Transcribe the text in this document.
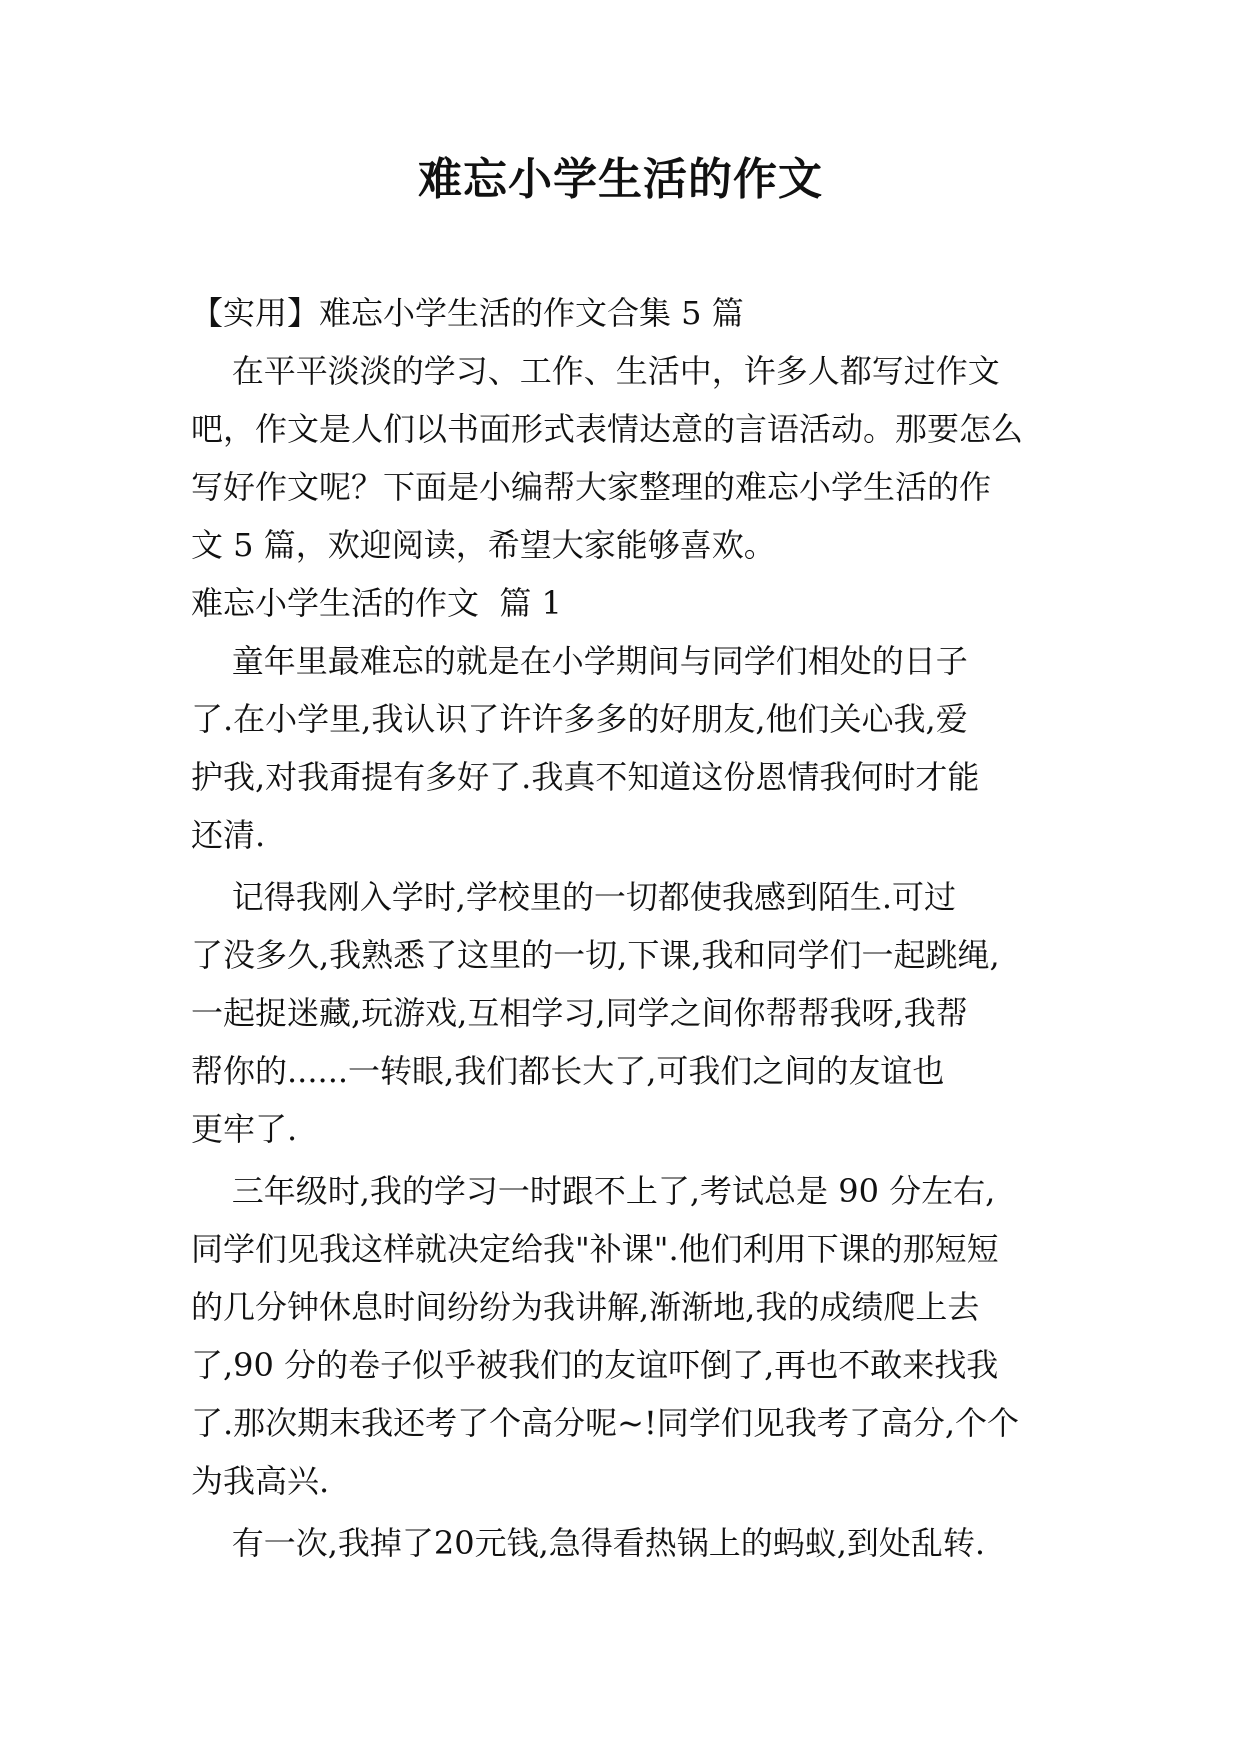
难忘小学生活的作文
【实用】难忘小学生活的作文合集 5 篇
在平平淡淡的学习、工作、生活中，许多人都写过作文
吧，作文是人们以书面形式表情达意的言语活动。那要怎么
写好作文呢？下面是小编帮大家整理的难忘小学生活的作
文 5 篇，欢迎阅读，希望大家能够喜欢。
难忘小学生活的作文  篇 1
童年里最难忘的就是在小学期间与同学们相处的日子
了.在小学里,我认识了许许多多的好朋友,他们关心我,爱
护我,对我甭提有多好了.我真不知道这份恩情我何时才能
还清.
记得我刚入学时,学校里的一切都使我感到陌生.可过
了没多久,我熟悉了这里的一切,下课,我和同学们一起跳绳,
一起捉迷藏,玩游戏,互相学习,同学之间你帮帮我呀,我帮
帮你的......一转眼,我们都长大了,可我们之间的友谊也
更牢了.
三年级时,我的学习一时跟不上了,考试总是 90 分左右,
同学们见我这样就决定给我"补课".他们利用下课的那短短
的几分钟休息时间纷纷为我讲解,渐渐地,我的成绩爬上去
了,90 分的卷子似乎被我们的友谊吓倒了,再也不敢来找我
了.那次期末我还考了个高分呢~!同学们见我考了高分,个个
为我高兴.
有一次,我掉了20元钱,急得看热锅上的蚂蚁,到处乱转.
